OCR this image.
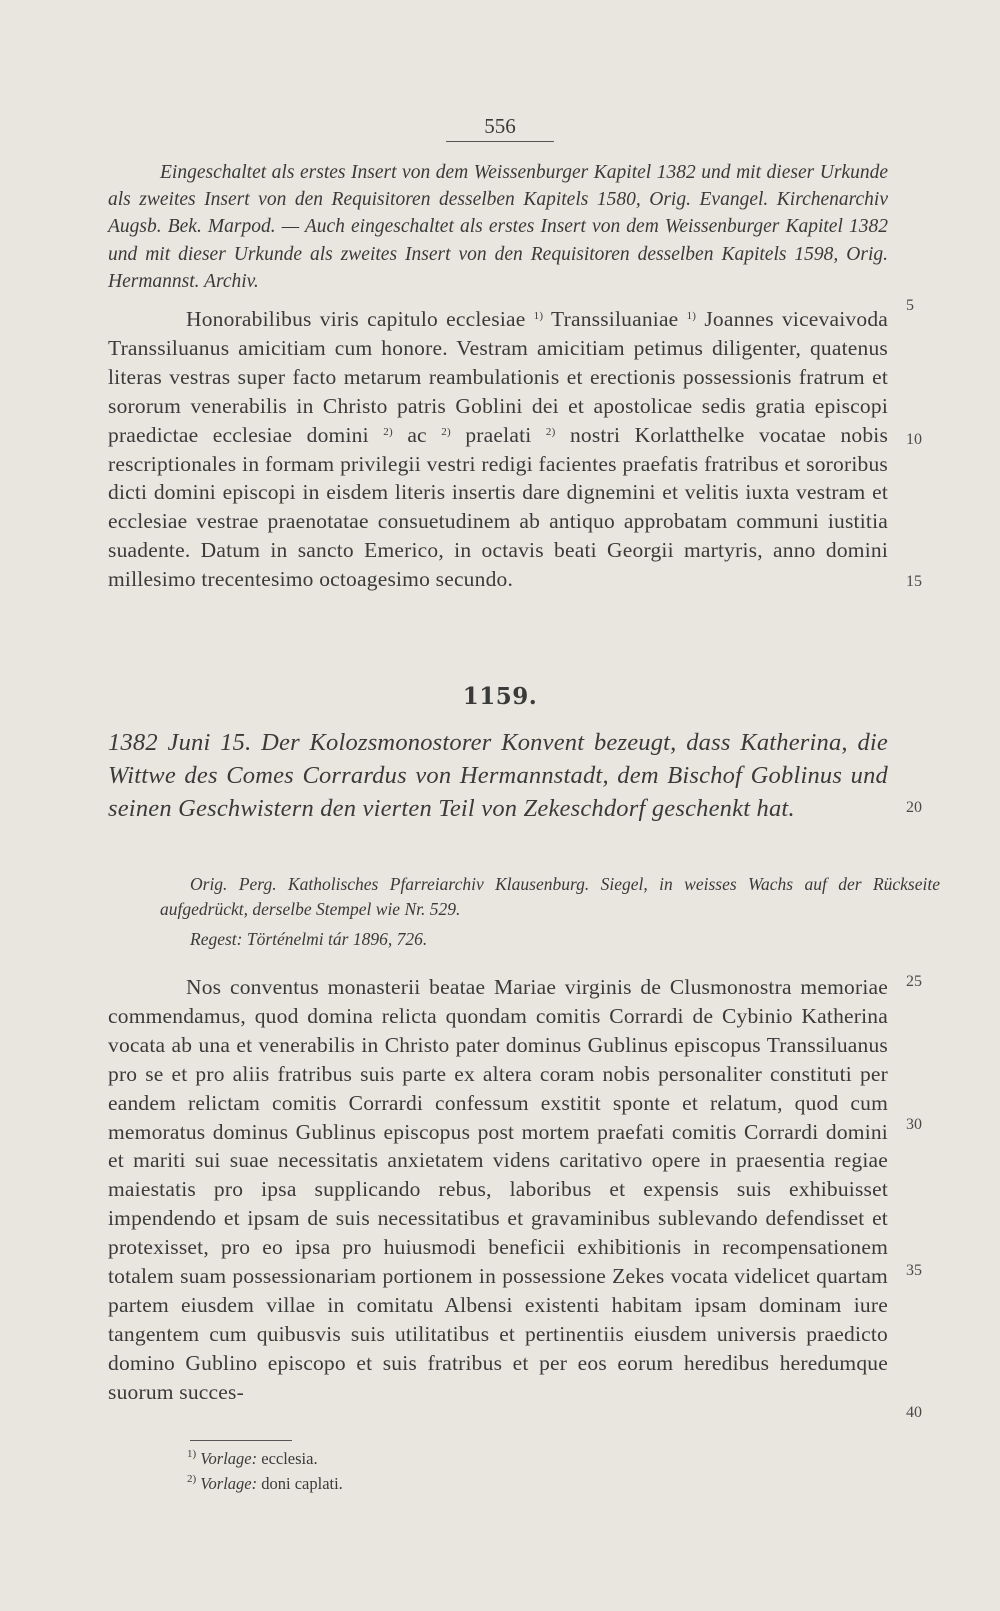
556

Eingeschaltet als erstes Insert von dem Weissenburger Kapitel 1382 und mit dieser Urkunde als zweites Insert von den Requisitoren desselben Kapitels 1580, Orig. Evangel. Kirchenarchiv Augsb. Bek. Marpod. — Auch eingeschaltet als erstes Insert von dem Weissenburger Kapitel 1382 und mit dieser Urkunde als zweites Insert von den Requisitoren desselben Kapitels 1598, Orig. Hermannst. Archiv.

Honorabilibus viris capitulo ecclesiae $^{1)}$ Transsiluaniae $^{1)}$ Joannes vicevaivoda Transsiluanus amicitiam cum honore. Vestram amicitiam petimus diligenter, quatenus literas vestras super facto metarum reambulationis et erectionis possessionis fratrum et sororum venerabilis in Christo patris Goblini dei et apostolicae sedis gratia episcopi praedictae ecclesiae domini $^{2)}$ ac $^{2)}$ praelati $^{2)}$ nostri Korlatthelke vocatae nobis rescriptionales in formam privilegii vestri redigi facientes praefatis fratribus et sororibus dicti domini episcopi in eisdem literis insertis dare dignemini et velitis iuxta vestram et ecclesiae vestrae praenotatae consuetudinem ab antiquo approbatam communi iustitia suadente. Datum in sancto Emerico, in octavis beati Georgii martyris, anno domini millesimo trecentesimo octoagesimo secundo.

1159.

1382 Juni 15. Der Kolozsmonostorer Konvent bezeugt, dass Katherina, die Wittwe des Comes Corrardus von Hermannstadt, dem Bischof Goblinus und seinen Geschwistern den vierten Teil von Zekeschdorf geschenkt hat.

Orig. Perg. Katholisches Pfarreiarchiv Klausenburg. Siegel, in weisses Wachs auf der Rückseite aufgedrückt, derselbe Stempel wie Nr. 529.

Regest: Történelmi tár 1896, 726.

Nos conventus monasterii beatae Mariae virginis de Clusmonostra memoriae commendamus, quod domina relicta quondam comitis Corrardi de Cybinio Katherina vocata ab una et venerabilis in Christo pater dominus Gublinus episcopus Transsiluanus pro se et pro aliis fratribus suis parte ex altera coram nobis personaliter constituti per eandem relictam comitis Corrardi confessum exstitit sponte et relatum, quod cum memoratus dominus Gublinus episcopus post mortem praefati comitis Corrardi domini et mariti sui suae necessitatis anxietatem videns caritativo opere in praesentia regiae maiestatis pro ipsa supplicando rebus, laboribus et expensis suis exhibuisset impendendo et ipsam de suis necessitatibus et gravaminibus sublevando defendisset et protexisset, pro eo ipsa pro huiusmodi beneficii exhibitionis in recompensationem totalem suam possessionariam portionem in possessione Zekes vocata videlicet quartam partem eiusdem villae in comitatu Albensi existenti habitam ipsam dominam iure tangentem cum quibusvis suis utilitatibus et pertinentiis eiusdem universis praedicto domino Gublino episcopo et suis fratribus et per eos eorum heredibus heredumque suorum succes-

5
10
15
20
25
30
35
40
$^{1)}$ Vorlage: ecclesia.
$^{2)}$ Vorlage: doni caplati.
